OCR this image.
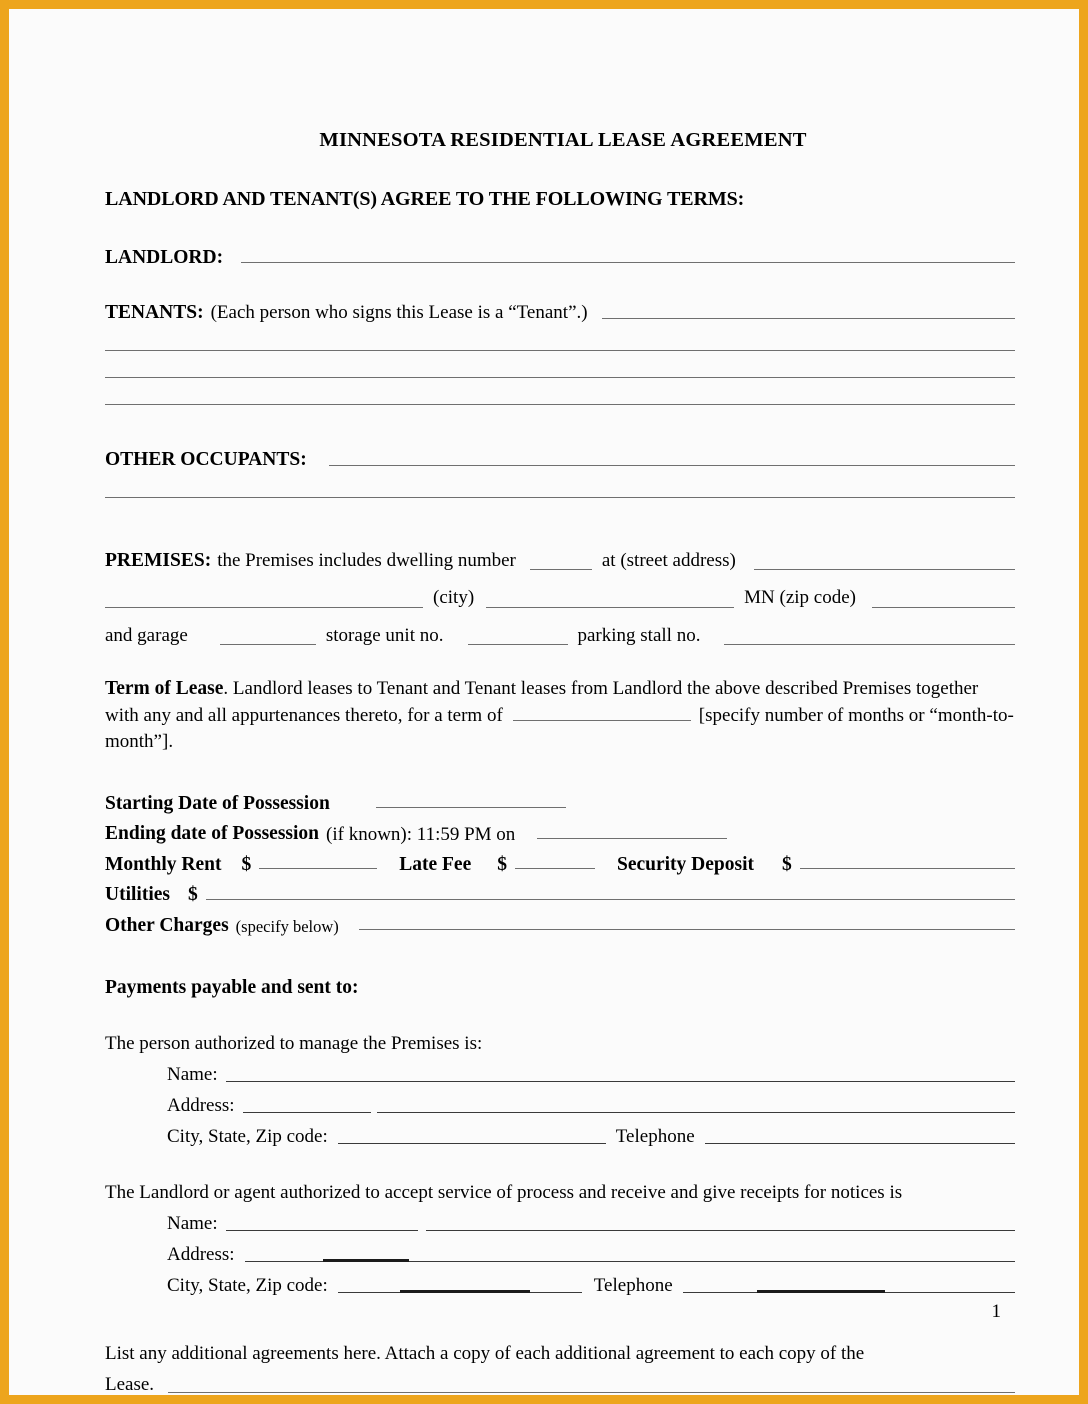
MINNESOTA RESIDENTIAL LEASE AGREEMENT
LANDLORD AND TENANT(S) AGREE TO THE FOLLOWING TERMS:
LANDLORD:
TENANTS: (Each person who signs this Lease is a “Tenant”.)
OTHER OCCUPANTS:
PREMISES: the Premises includes dwelling number	at (street address)
(city)	MN (zip code)
and garage	storage unit no.	parking stall no.
Term of Lease. Landlord leases to Tenant and Tenant leases from Landlord the above described Premises together with any and all appurtenances thereto, for a term of	[specify number of months or “month-to-month”].
Starting Date of Possession
Ending date of Possession (if known): 11:59 PM on
Monthly Rent $	Late Fee $	Security Deposit $
Utilities $
Other Charges (specify below)
Payments payable and sent to:
The person authorized to manage the Premises is:
Name:
Address:
City, State, Zip code:	Telephone
The Landlord or agent authorized to accept service of process and receive and give receipts for notices is
Name:
Address:
City, State, Zip code:	Telephone
List any additional agreements here. Attach a copy of each additional agreement to each copy of the
Lease.
1
